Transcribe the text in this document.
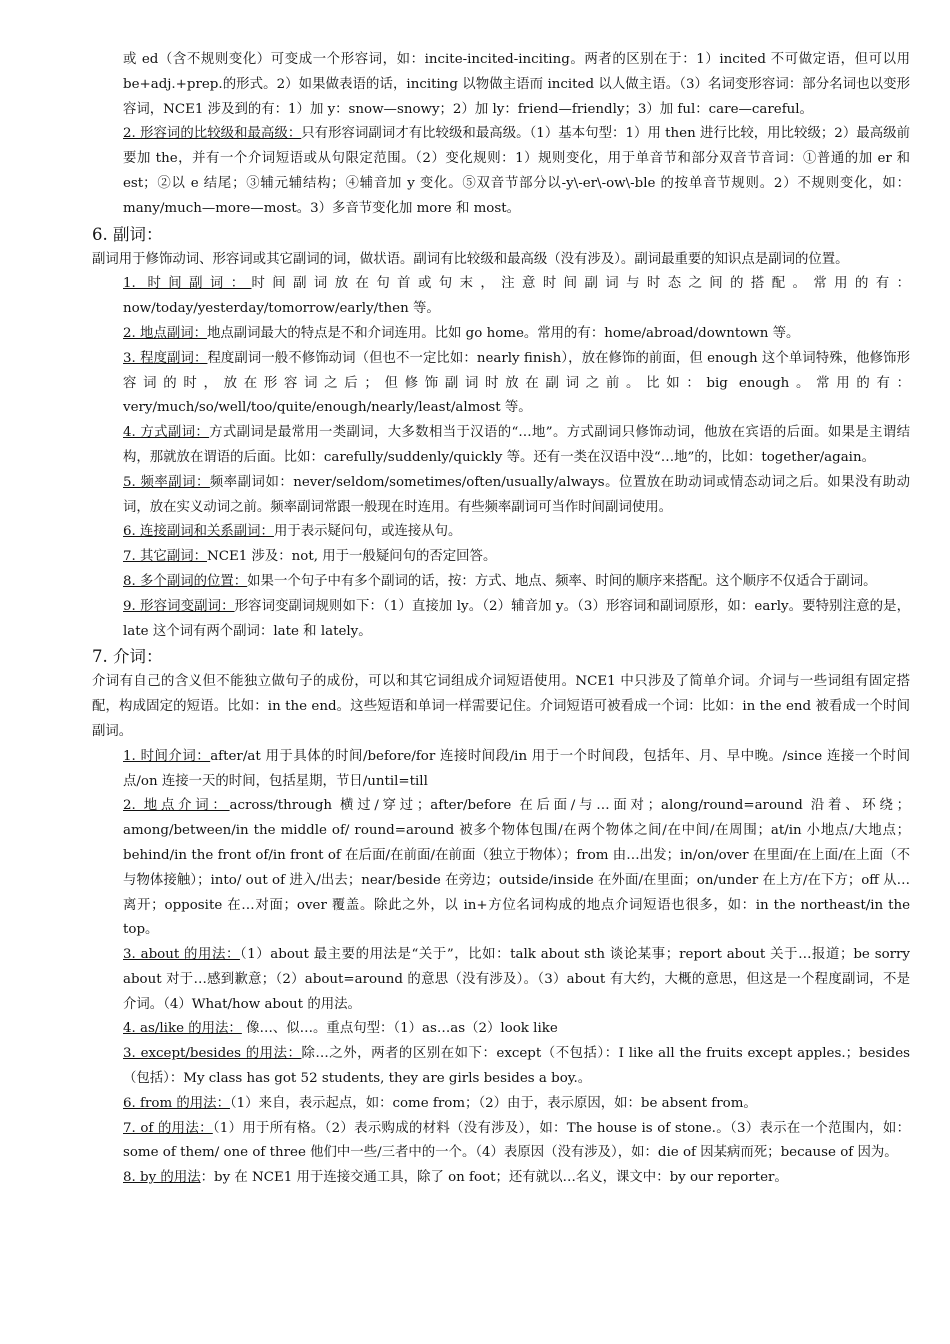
或 ed（含不规则变化）可变成一个形容词，如：incite-incited-inciting。两者的区别在于：1）incited 不可做定语，但可以用 be+adj.+prep.的形式。2）如果做表语的话，inciting 以物做主语而 incited 以人做主语。（3）名词变形容词：部分名词也以变形容词，NCE1 涉及到的有：1）加 y：snow—snowy；2）加 ly：friend—friendly；3）加 ful：care—careful。
2. 形容词的比较级和最高级：只有形容词副词才有比较级和最高级。（1）基本句型：1）用 then 进行比较，用比较级；2）最高级前要加 the，并有一个介词短语或从句限定范围。（2）变化规则：1）规则变化，用于单音节和部分双音节音词：①普通的加 er 和 est；②以 e 结尾；③辅元辅结构；④辅音加 y 变化。⑤双音节部分以-y\-er\-ow\-ble 的按单音节规则。2）不规则变化，如：many/much—more—most。3）多音节变化加 more 和 most。
6. 副词：
副词用于修饰动词、形容词或其它副词的词，做状语。副词有比较级和最高级（没有涉及）。副词最重要的知识点是副词的位置。
1. 时间副词：时间副词放在句首或句末，注意时间副词与时态之间的搭配。常用的有：now/today/yesterday/tomorrow/early/then 等。
2. 地点副词：地点副词最大的特点是不和介词连用。比如 go home。常用的有：home/abroad/downtown 等。
3. 程度副词：程度副词一般不修饰动词（但也不一定比如：nearly finish），放在修饰的前面，但 enough 这个单词特殊，他修饰形容词的时，放在形容词之后；但修饰副词时放在副词之前。比如：big enough。常用的有：very/much/so/well/too/quite/enough/nearly/least/almost 等。
4. 方式副词：方式副词是最常用一类副词，大多数相当于汉语的“…地”。方式副词只修饰动词，他放在宾语的后面。如果是主谓结构，那就放在谓语的后面。比如：carefully/suddenly/quickly 等。还有一类在汉语中没“…地”的，比如：together/again。
5. 频率副词：频率副词如：never/seldom/sometimes/often/usually/always。位置放在助动词或情态动词之后。如果没有助动词，放在实义动词之前。频率副词常跟一般现在时连用。有些频率副词可当作时间副词使用。
6. 连接副词和关系副词：用于表示疑问句，或连接从句。
7. 其它副词：NCE1 涉及：not, 用于一般疑问句的否定回答。
8. 多个副词的位置：如果一个句子中有多个副词的话，按：方式、地点、频率、时间的顺序来搭配。这个顺序不仅适合于副词。
9. 形容词变副词：形容词变副词规则如下：（1）直接加 ly。（2）辅音加 y。（3）形容词和副词原形，如：early。要特别注意的是，late 这个词有两个副词：late 和 lately。
7. 介词：
介词有自己的含义但不能独立做句子的成份，可以和其它词组成介词短语使用。NCE1 中只涉及了简单介词。介词与一些词组有固定搭配，构成固定的短语。比如：in the end。这些短语和单词一样需要记住。介词短语可被看成一个词：比如：in the end 被看成一个时间副词。
1. 时间介词：after/at 用于具体的时间/before/for 连接时间段/in 用于一个时间段，包括年、月、早中晚。/since 连接一个时间点/on 连接一天的时间，包括星期，节日/until=till
2. 地点介词：across/through 横过/穿过；after/before 在后面/与…面对；along/round=around 沿着、环绕；among/between/in the middle of/ round=around 被多个物体包围/在两个物体之间/在中间/在周围；at/in 小地点/大地点；behind/in the front of/in front of 在后面/在前面/在前面（独立于物体）；from 由…出发；in/on/over 在里面/在上面/在上面（不与物体接触）；into/ out of 进入/出去；near/beside 在旁边；outside/inside 在外面/在里面；on/under 在上方/在下方；off 从…离开；opposite 在…对面；over 覆盖。除此之外，以 in+方位名词构成的地点介词短语也很多，如：in the northeast/in the top。
3. about 的用法：（1）about 最主要的用法是“关于”，比如：talk about sth 谈论某事；report about 关于…报道；be sorry about 对于…感到歉意；（2）about=around 的意思（没有涉及）。（3）about 有大约，大概的意思，但这是一个程度副词，不是介词。（4）What/how about 的用法。
4. as/like 的用法： 像…、似…。重点句型：（1）as…as（2）look like
3. except/besides 的用法：除…之外，两者的区别在如下：except（不包括）：I like all the fruits except apples.；besides（包括）：My class has got 52 students, they are girls besides a boy.。
6. from 的用法：（1）来自，表示起点，如：come from；（2）由于，表示原因，如：be absent from。
7. of 的用法：（1）用于所有格。（2）表示购成的材料（没有涉及），如：The house is of stone.。（3）表示在一个范围内，如：some of them/ one of three 他们中一些/三者中的一个。（4）表原因（没有涉及），如：die of 因某病而死；because of 因为。
8. by 的用法：by 在 NCE1 用于连接交通工具，除了 on foot；还有就以…名义，课文中：by our reporter。
